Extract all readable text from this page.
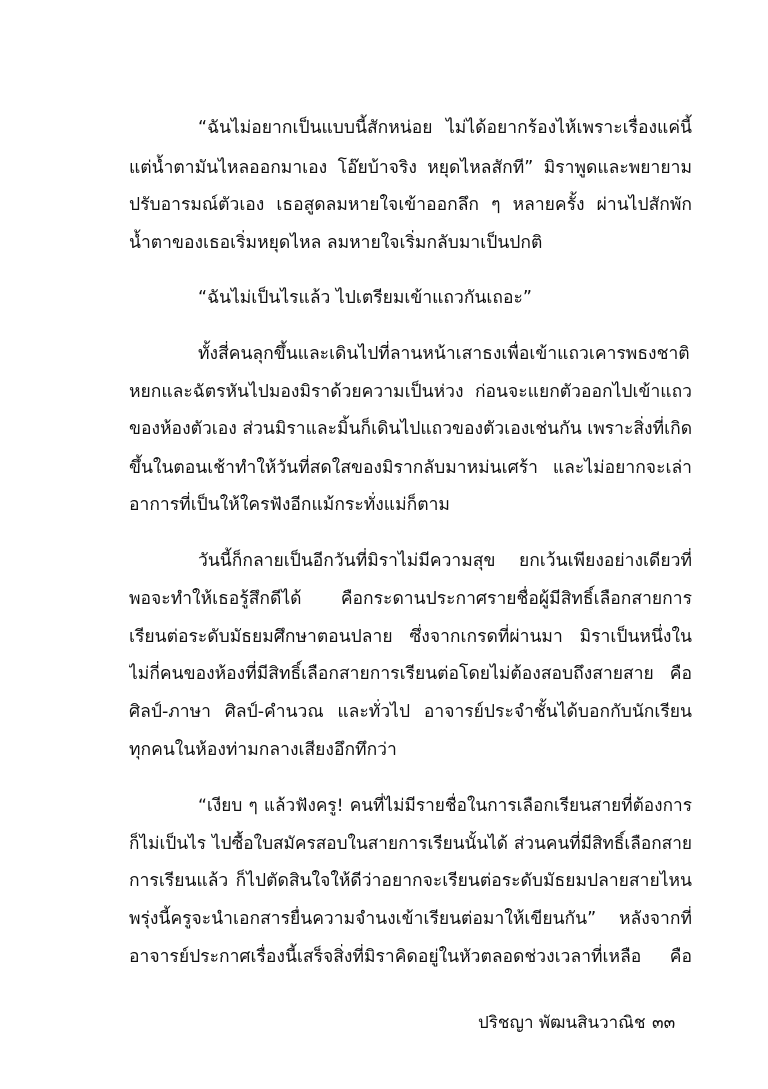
“ฉันไม่อยากเป็นแบบนี้สักหน่อย ไม่ได้อยากร้องไห้เพราะเรื่องแค่นี้
แต่น้ำตามันไหลออกมาเอง โอ๊ยบ้าจริง หยุดไหลสักที” มิราพูดและพยายาม
ปรับอารมณ์ตัวเอง เธอสูดลมหายใจเข้าออกลึก ๆ หลายครั้ง ผ่านไปสักพัก
น้ำตาของเธอเริ่มหยุดไหล ลมหายใจเริ่มกลับมาเป็นปกติ
“ฉันไม่เป็นไรแล้ว ไปเตรียมเข้าแถวกันเถอะ”
ทั้งสี่คนลุกขึ้นและเดินไปที่ลานหน้าเสาธงเพื่อเข้าแถวเคารพธงชาติ
หยกและฉัตรหันไปมองมิราด้วยความเป็นห่วง ก่อนจะแยกตัวออกไปเข้าแถว
ของห้องตัวเอง ส่วนมิราและมิ้นก็เดินไปแถวของตัวเองเช่นกัน เพราะสิ่งที่เกิด
ขึ้นในตอนเช้าทำให้วันที่สดใสของมิรากลับมาหม่นเศร้า และไม่อยากจะเล่า
อาการที่เป็นให้ใครฟังอีกแม้กระทั่งแม่ก็ตาม
วันนี้ก็กลายเป็นอีกวันที่มิราไม่มีความสุข ยกเว้นเพียงอย่างเดียวที่
พอจะทำให้เธอรู้สึกดีได้ คือกระดานประกาศรายชื่อผู้มีสิทธิ์เลือกสายการ
เรียนต่อระดับมัธยมศึกษาตอนปลาย ซึ่งจากเกรดที่ผ่านมา มิราเป็นหนึ่งใน
ไม่กี่คนของห้องที่มีสิทธิ์เลือกสายการเรียนต่อโดยไม่ต้องสอบถึงสายสาย คือ
ศิลป์-ภาษา ศิลป์-คำนวณ และทั่วไป อาจารย์ประจำชั้นได้บอกกับนักเรียน
ทุกคนในห้องท่ามกลางเสียงอึกทึกว่า
“เงียบ ๆ แล้วฟังครู! คนที่ไม่มีรายชื่อในการเลือกเรียนสายที่ต้องการ
ก็ไม่เป็นไร ไปซื้อใบสมัครสอบในสายการเรียนนั้นได้ ส่วนคนที่มีสิทธิ์เลือกสาย
การเรียนแล้ว ก็ไปตัดสินใจให้ดีว่าอยากจะเรียนต่อระดับมัธยมปลายสายไหน
พรุ่งนี้ครูจะนำเอกสารยื่นความจำนงเข้าเรียนต่อมาให้เขียนกัน” หลังจากที่
อาจารย์ประกาศเรื่องนี้เสร็จสิ่งที่มิราคิดอยู่ในหัวตลอดช่วงเวลาที่เหลือ คือ
ปริชญา พัฒนสินวาณิช ๓๓
